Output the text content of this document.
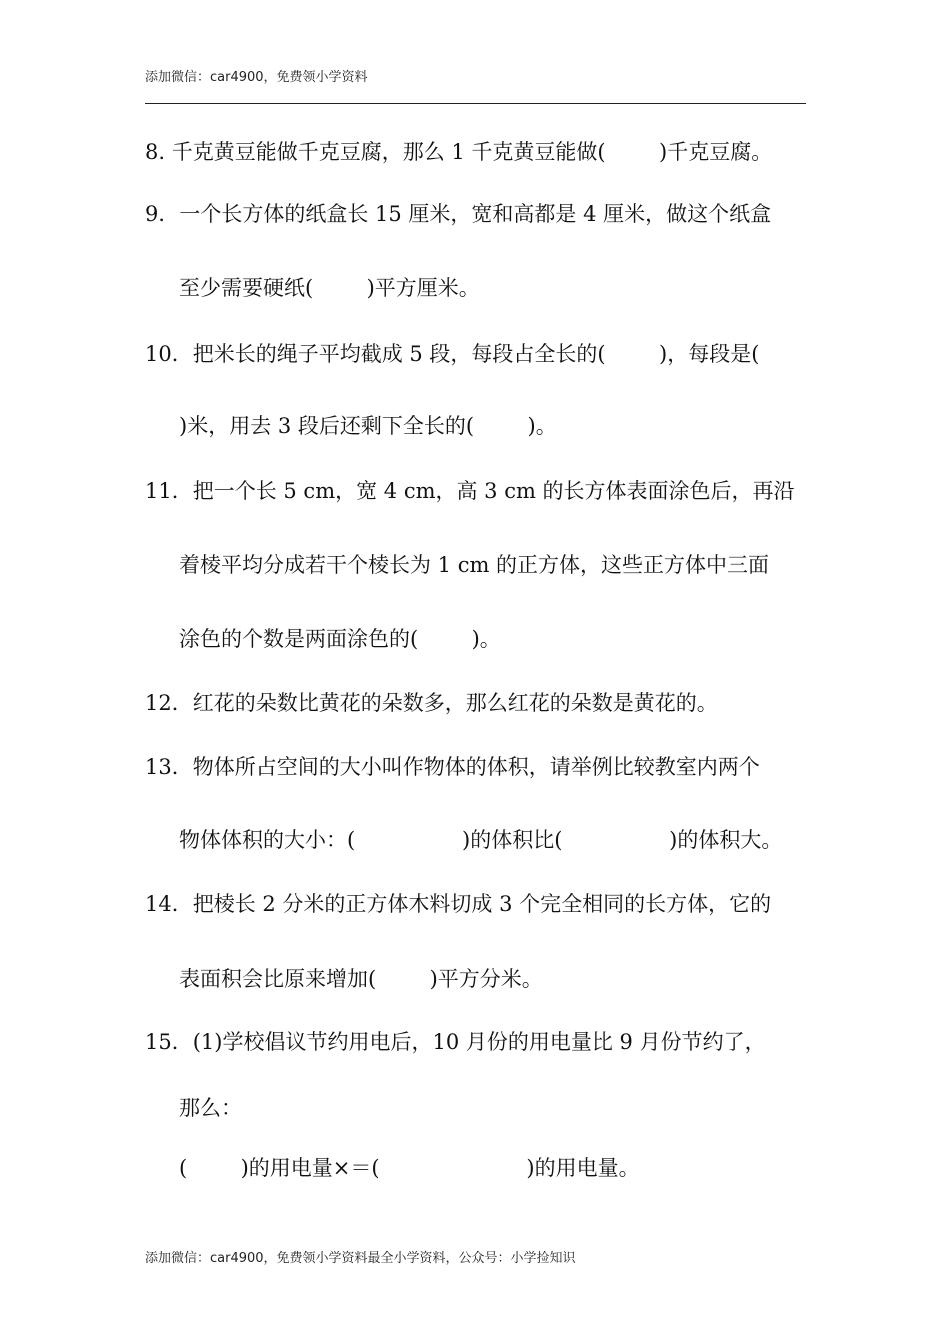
添加微信：car4900，免费领小学资料
8. 千克黄豆能做千克豆腐，那么 1 千克黄豆能做(        )千克豆腐。
9．一个长方体的纸盒长 15 厘米，宽和高都是 4 厘米，做这个纸盒
至少需要硬纸(        )平方厘米。
10．把米长的绳子平均截成 5 段，每段占全长的(        )，每段是(
)米，用去 3 段后还剩下全长的(        )。
11．把一个长 5 cm，宽 4 cm，高 3 cm 的长方体表面涂色后，再沿
着棱平均分成若干个棱长为 1 cm 的正方体，这些正方体中三面
涂色的个数是两面涂色的(        )。
12．红花的朵数比黄花的朵数多，那么红花的朵数是黄花的。
13．物体所占空间的大小叫作物体的体积，请举例比较教室内两个
物体体积的大小：(                )的体积比(                )的体积大。
14．把棱长 2 分米的正方体木料切成 3 个完全相同的长方体，它的
表面积会比原来增加(        )平方分米。
15．(1)学校倡议节约用电后，10 月份的用电量比 9 月份节约了，
那么：
(        )的用电量×＝(                      )的用电量。
添加微信：car4900，免费领小学资料最全小学资料，公众号：小学捡知识
